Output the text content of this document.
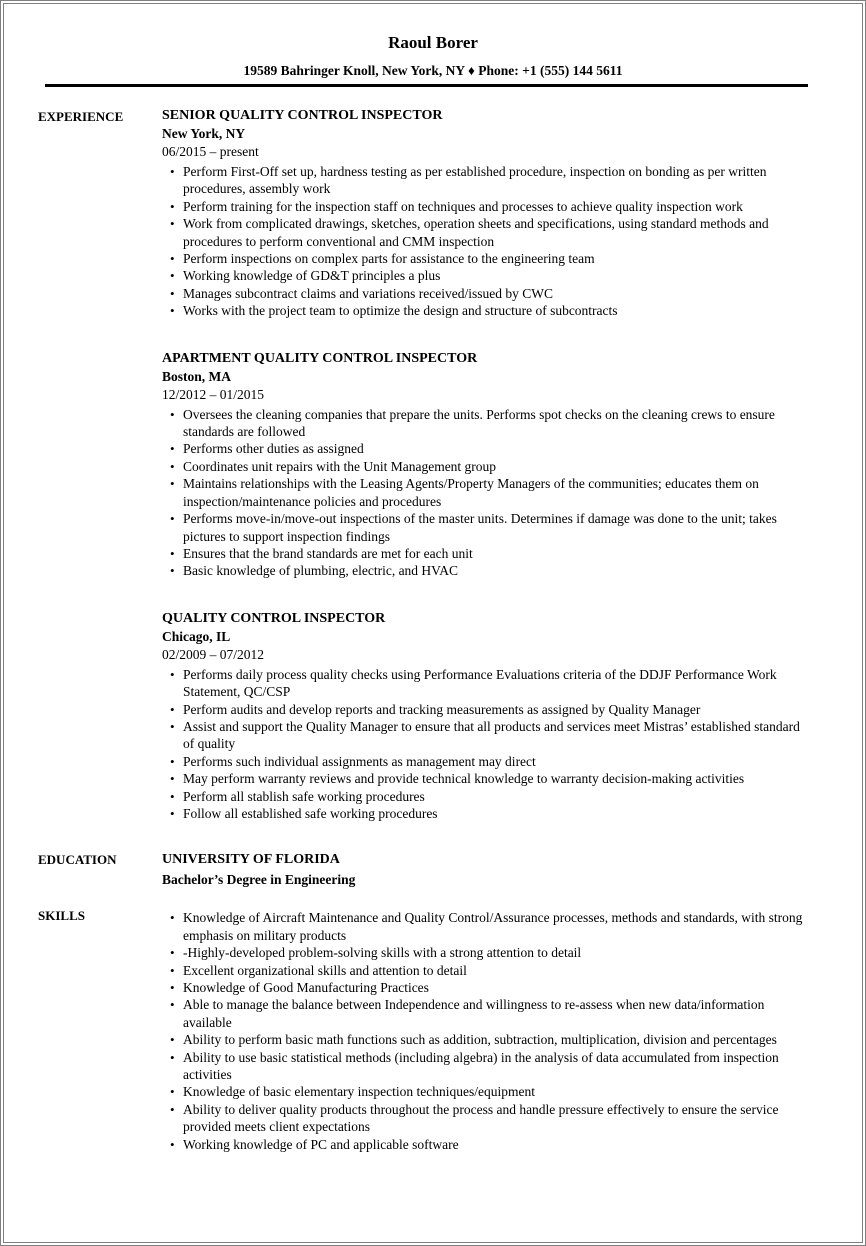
Raoul Borer
19589 Bahringer Knoll, New York, NY ♦ Phone: +1 (555) 144 5611
EXPERIENCE	SENIOR QUALITY CONTROL INSPECTOR
New York, NY
06/2015 – present
• Perform First-Off set up, hardness testing as per established procedure, inspection on bonding as per written procedures, assembly work
• Perform training for the inspection staff on techniques and processes to achieve quality inspection work
• Work from complicated drawings, sketches, operation sheets and specifications, using standard methods and procedures to perform conventional and CMM inspection
• Perform inspections on complex parts for assistance to the engineering team
• Working knowledge of GD&T principles a plus
• Manages subcontract claims and variations received/issued by CWC
• Works with the project team to optimize the design and structure of subcontracts
APARTMENT QUALITY CONTROL INSPECTOR
Boston, MA
12/2012 – 01/2015
• Oversees the cleaning companies that prepare the units. Performs spot checks on the cleaning crews to ensure standards are followed
• Performs other duties as assigned
• Coordinates unit repairs with the Unit Management group
• Maintains relationships with the Leasing Agents/Property Managers of the communities; educates them on inspection/maintenance policies and procedures
• Performs move-in/move-out inspections of the master units. Determines if damage was done to the unit; takes pictures to support inspection findings
• Ensures that the brand standards are met for each unit
• Basic knowledge of plumbing, electric, and HVAC
QUALITY CONTROL INSPECTOR
Chicago, IL
02/2009 – 07/2012
• Performs daily process quality checks using Performance Evaluations criteria of the DDJF Performance Work Statement, QC/CSP
• Perform audits and develop reports and tracking measurements as assigned by Quality Manager
• Assist and support the Quality Manager to ensure that all products and services meet Mistras’ established standard of quality
• Performs such individual assignments as management may direct
• May perform warranty reviews and provide technical knowledge to warranty decision-making activities
• Perform all stablish safe working procedures
• Follow all established safe working procedures
EDUCATION	UNIVERSITY OF FLORIDA
Bachelor’s Degree in Engineering
SKILLS	• Knowledge of Aircraft Maintenance and Quality Control/Assurance processes, methods and standards, with strong emphasis on military products
• -Highly-developed problem-solving skills with a strong attention to detail
• Excellent organizational skills and attention to detail
• Knowledge of Good Manufacturing Practices
• Able to manage the balance between Independence and willingness to re-assess when new data/information available
• Ability to perform basic math functions such as addition, subtraction, multiplication, division and percentages
• Ability to use basic statistical methods (including algebra) in the analysis of data accumulated from inspection activities
• Knowledge of basic elementary inspection techniques/equipment
• Ability to deliver quality products throughout the process and handle pressure effectively to ensure the service provided meets client expectations
• Working knowledge of PC and applicable software
